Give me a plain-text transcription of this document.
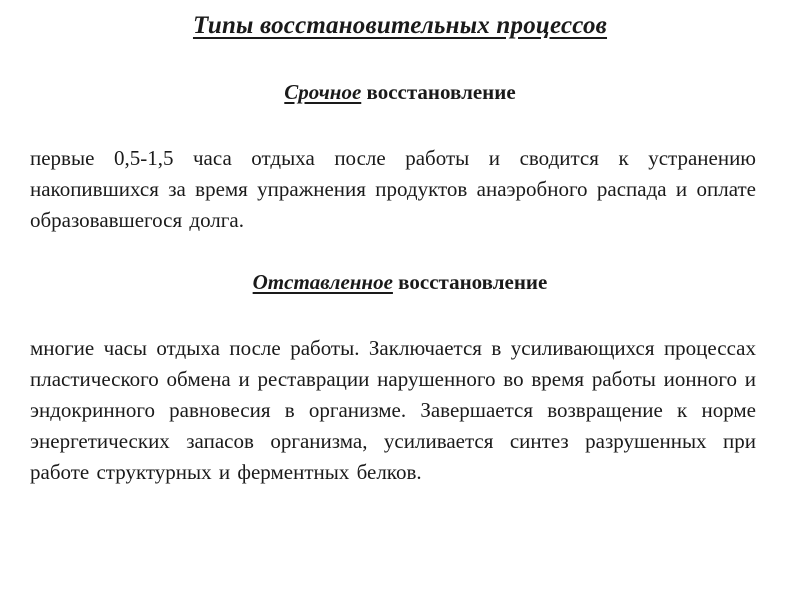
Типы восстановительных процессов
Срочное восстановление

первые 0,5-1,5 часа отдыха после работы и сводится к устранению накопившихся за время упражнения продуктов анаэробного распада и оплате образовавшегося долга.

Отставленное восстановление

многие часы отдыха после работы. Заключается в усиливающихся процессах пластического обмена и реставрации нарушенного во время работы ионного и эндокринного равновесия в организме. Завершается возвращение к норме энергетических запасов организма, усиливается синтез разрушенных при работе структурных и ферментных белков.
